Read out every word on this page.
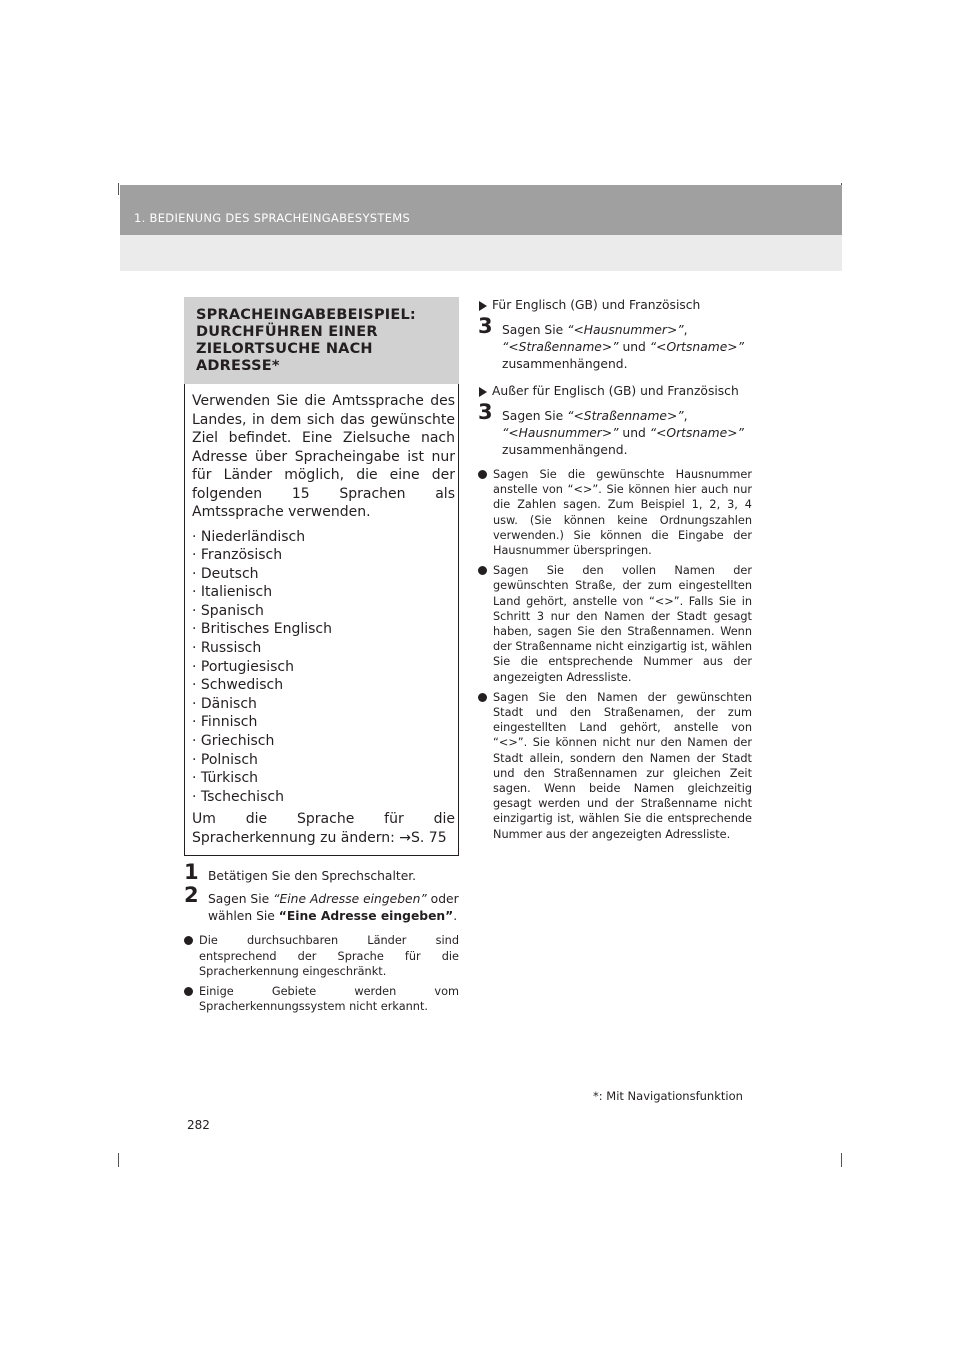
1. BEDIENUNG DES SPRACHEINGABESYSTEMS
SPRACHEINGABEBEISPIEL:
DURCHFÜHREN EINER
ZIELORTSUCHE NACH
ADRESSE*

Verwenden Sie die Amtssprache des Landes, in dem sich das gewünschte Ziel befindet. Eine Zielsuche nach Adresse über Spracheingabe ist nur für Länder möglich, die eine der folgenden 15 Sprachen als Amtssprache verwenden.

· Niederländisch
· Französisch
· Deutsch
· Italienisch
· Spanisch
· Britisches Englisch
· Russisch
· Portugiesisch
· Schwedisch
· Dänisch
· Finnisch
· Griechisch
· Polnisch
· Türkisch
· Tschechisch

Um die Sprache für die Spracherkennung zu ändern: →S. 75

1 Betätigen Sie den Sprechschalter.
2 Sagen Sie “Eine Adresse eingeben” oder wählen Sie “Eine Adresse eingeben”.
Die durchsuchbaren Länder sind entsprechend der Sprache für die Spracherkennung eingeschränkt.
Einige Gebiete werden vom Spracherkennungssystem nicht erkannt.
Für Englisch (GB) und Französisch
3 Sagen Sie “<Hausnummer>”, “<Straßenname>” und “<Ortsname>” zusammenhängend.
Außer für Englisch (GB) und Französisch
3 Sagen Sie “<Straßenname>”, “<Hausnummer>” und “<Ortsname>” zusammenhängend.
Sagen Sie die gewünschte Hausnummer anstelle von “<>”. Sie können hier auch nur die Zahlen sagen. Zum Beispiel 1, 2, 3, 4 usw. (Sie können keine Ordnungszahlen verwenden.) Sie können die Eingabe der Hausnummer überspringen.
Sagen Sie den vollen Namen der gewünschten Straße, der zum eingestellten Land gehört, anstelle von “<>”. Falls Sie in Schritt 3 nur den Namen der Stadt gesagt haben, sagen Sie den Straßennamen. Wenn der Straßenname nicht einzigartig ist, wählen Sie die entsprechende Nummer aus der angezeigten Adressliste.
Sagen Sie den Namen der gewünschten Stadt und den Straßenamen, der zum eingestellten Land gehört, anstelle von “<>”. Sie können nicht nur den Namen der Stadt allein, sondern den Namen der Stadt und den Straßennamen zur gleichen Zeit sagen. Wenn beide Namen gleichzeitig gesagt werden und der Straßenname nicht einzigartig ist, wählen Sie die entsprechende Nummer aus der angezeigten Adressliste.
*: Mit Navigationsfunktion
282
